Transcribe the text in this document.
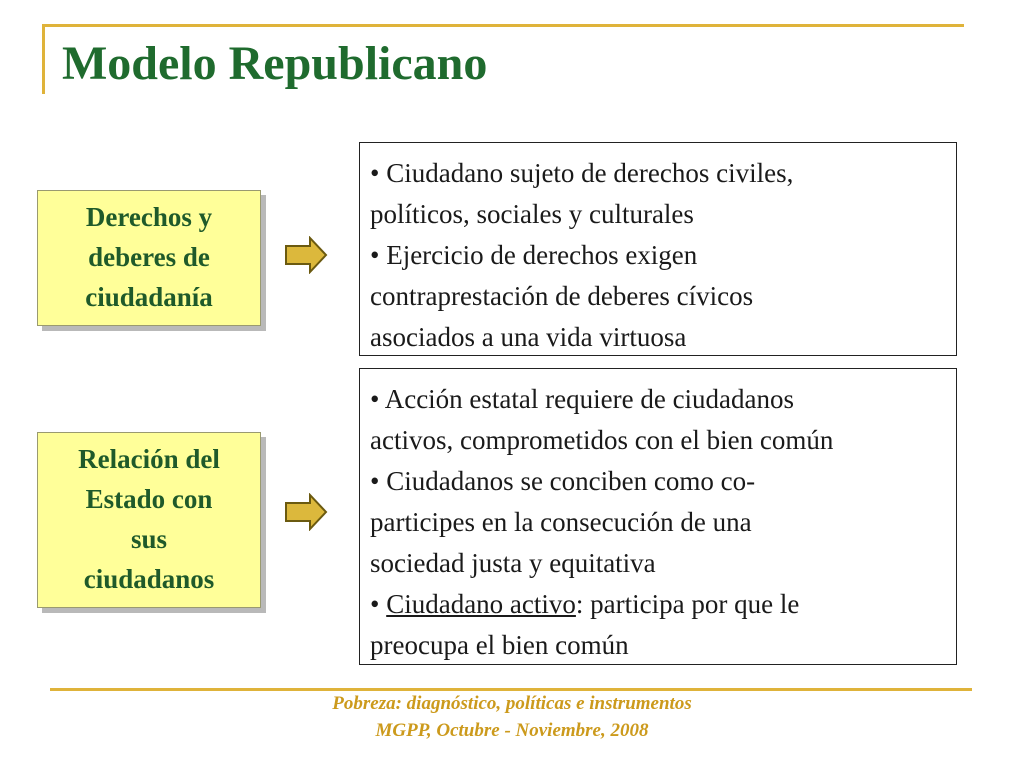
Modelo Republicano
Derechos y
deberes de
ciudadanía
• Ciudadano sujeto de derechos civiles,
políticos, sociales y culturales
• Ejercicio de derechos exigen
contraprestación de deberes cívicos
asociados a una vida virtuosa
Relación del
Estado con
sus
ciudadanos
• Acción estatal requiere de ciudadanos
activos, comprometidos con el bien común
• Ciudadanos se conciben como co-
participes en la consecución de una
sociedad justa y equitativa
• Ciudadano activo: participa por que le
preocupa el bien común
Pobreza: diagnóstico, políticas e instrumentos
MGPP, Octubre - Noviembre, 2008
